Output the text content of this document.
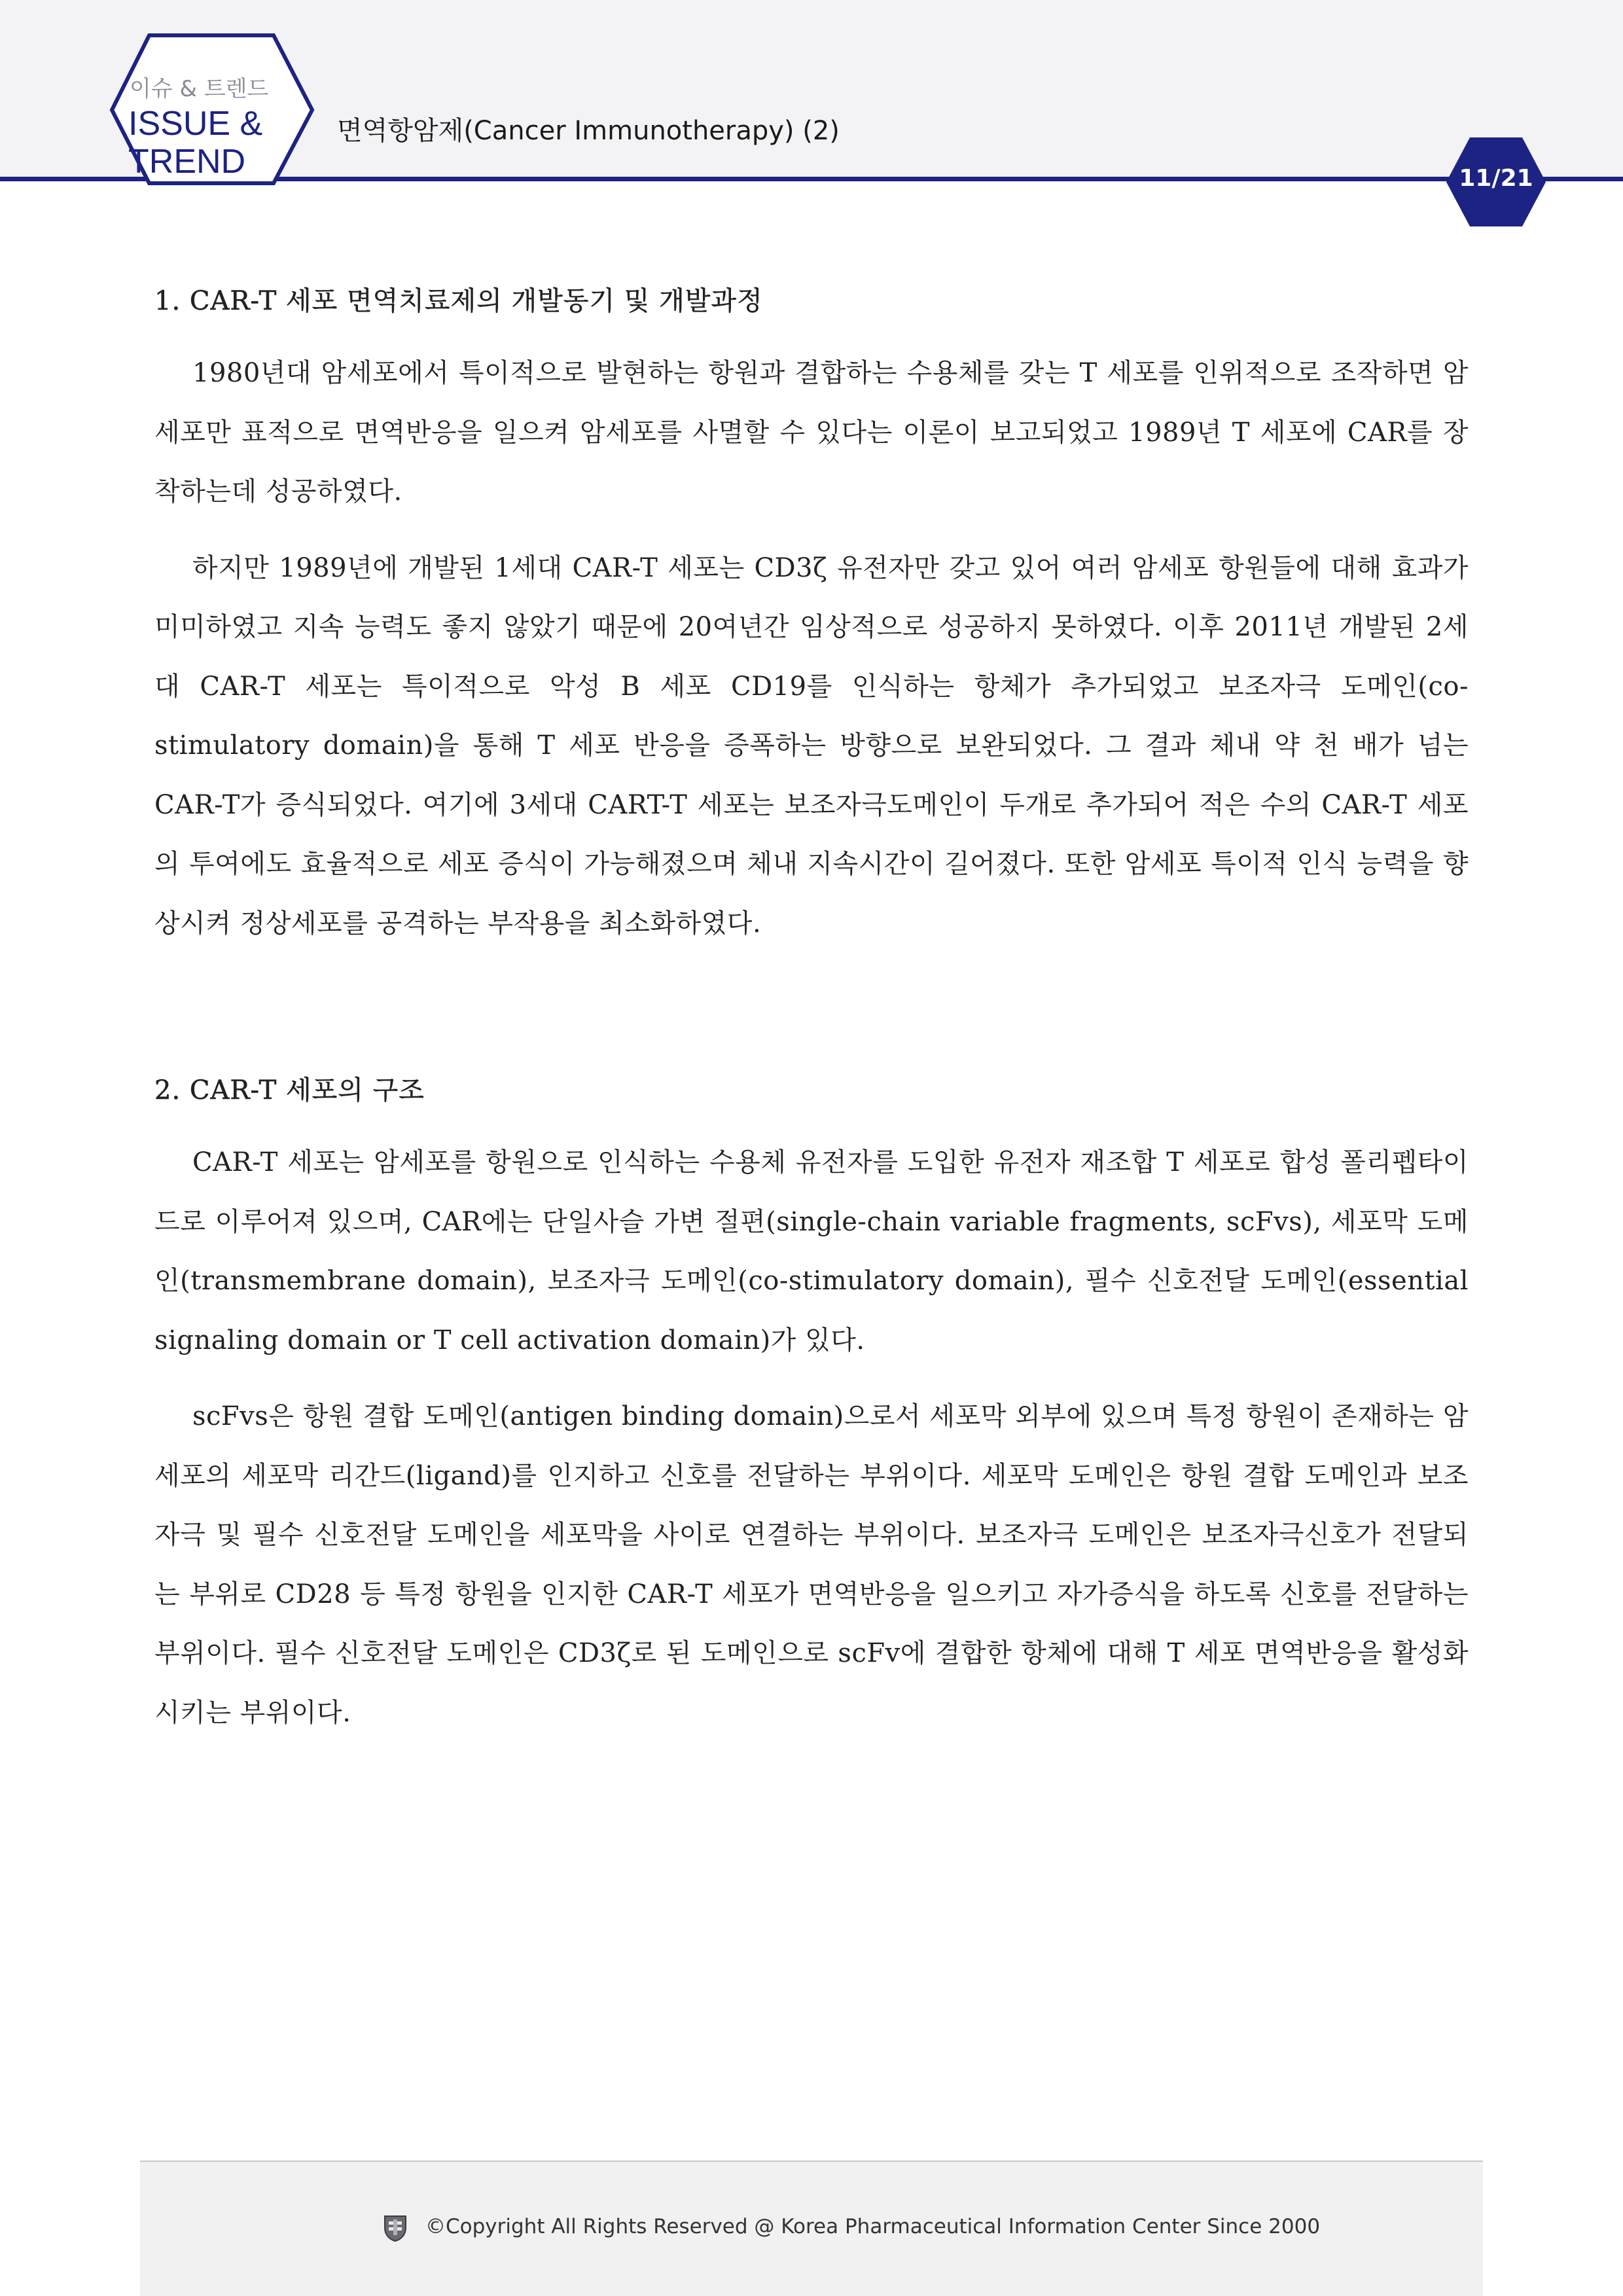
이슈 & 트렌드
ISSUE &
TREND
면역항암제(Cancer Immunotherapy) (2)
11/21
1. CAR-T 세포 면역치료제의 개발동기 및 개발과정

1980년대 암세포에서 특이적으로 발현하는 항원과 결합하는 수용체를 갖는 T 세포를 인위적으로 조작하면 암세포만 표적으로 면역반응을 일으켜 암세포를 사멸할 수 있다는 이론이 보고되었고 1989년 T 세포에 CAR를 장착하는데 성공하였다.

하지만 1989년에 개발된 1세대 CAR-T 세포는 CD3ζ 유전자만 갖고 있어 여러 암세포 항원들에 대해 효과가 미미하였고 지속 능력도 좋지 않았기 때문에 20여년간 임상적으로 성공하지 못하였다. 이후 2011년 개발된 2세대 CAR-T 세포는 특이적으로 악성 B 세포 CD19를 인식하는 항체가 추가되었고 보조자극 도메인(co-stimulatory domain)을 통해 T 세포 반응을 증폭하는 방향으로 보완되었다. 그 결과 체내 약 천 배가 넘는 CAR-T가 증식되었다. 여기에 3세대 CART-T 세포는 보조자극도메인이 두개로 추가되어 적은 수의 CAR-T 세포의 투여에도 효율적으로 세포 증식이 가능해졌으며 체내 지속시간이 길어졌다. 또한 암세포 특이적 인식 능력을 향상시켜 정상세포를 공격하는 부작용을 최소화하였다.

2. CAR-T 세포의 구조

CAR-T 세포는 암세포를 항원으로 인식하는 수용체 유전자를 도입한 유전자 재조합 T 세포로 합성 폴리펩타이드로 이루어져 있으며, CAR에는 단일사슬 가변 절편(single-chain variable fragments, scFvs), 세포막 도메인(transmembrane domain), 보조자극 도메인(co-stimulatory domain), 필수 신호전달 도메인(essential signaling domain or T cell activation domain)가 있다.

scFvs은 항원 결합 도메인(antigen binding domain)으로서 세포막 외부에 있으며 특정 항원이 존재하는 암세포의 세포막 리간드(ligand)를 인지하고 신호를 전달하는 부위이다. 세포막 도메인은 항원 결합 도메인과 보조자극 및 필수 신호전달 도메인을 세포막을 사이로 연결하는 부위이다. 보조자극 도메인은 보조자극신호가 전달되는 부위로 CD28 등 특정 항원을 인지한 CAR-T 세포가 면역반응을 일으키고 자가증식을 하도록 신호를 전달하는 부위이다. 필수 신호전달 도메인은 CD3ζ로 된 도메인으로 scFv에 결합한 항체에 대해 T 세포 면역반응을 활성화 시키는 부위이다.

©Copyright All Rights Reserved @ Korea Pharmaceutical Information Center Since 2000
